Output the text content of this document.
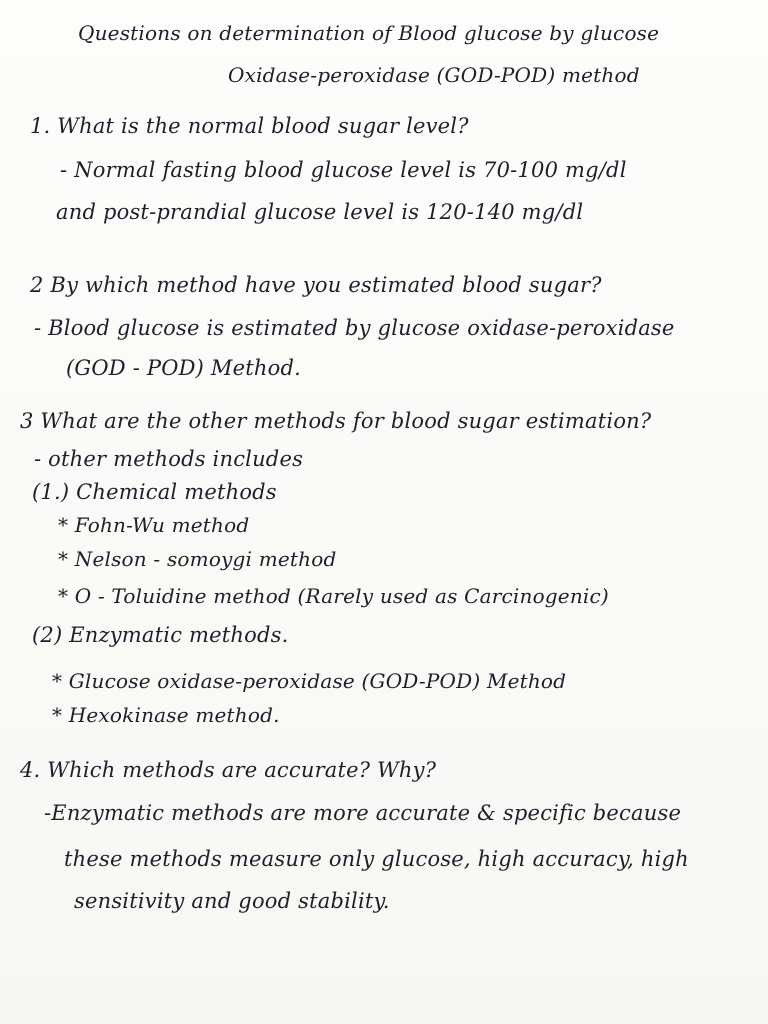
Questions on determination of Blood glucose by glucose
Oxidase-peroxidase (GOD-POD) method
1. What is the normal blood sugar level?
- Normal fasting blood glucose level is 70-100 mg/dl
and post-prandial glucose level is 120-140 mg/dl
2 By which method have you estimated blood sugar?
- Blood glucose is estimated by glucose oxidase-peroxidase
(GOD - POD) Method.
3 What are the other methods for blood sugar estimation?
- other methods includes
(1.) Chemical methods
* Fohn-Wu method
* Nelson - somoygi method
* O - Toluidine method (Rarely used as Carcinogenic)
(2) Enzymatic methods.
* Glucose oxidase-peroxidase (GOD-POD) Method
* Hexokinase method.
4. Which methods are accurate? Why?
-Enzymatic methods are more accurate & specific because
these methods measure only glucose, high accuracy, high
sensitivity and good stability.
